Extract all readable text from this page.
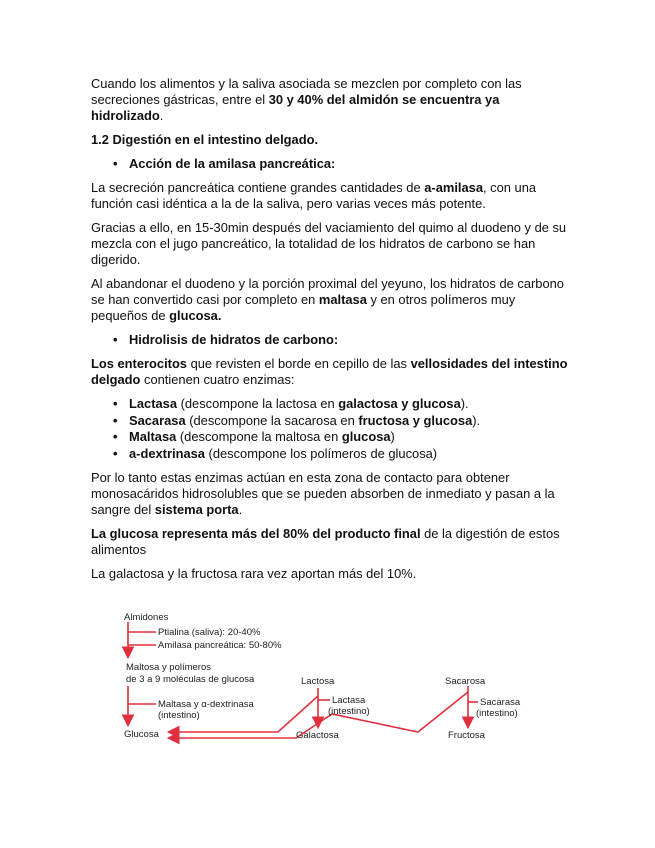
Cuando los alimentos y la saliva asociada se mezclen por completo con las secreciones gástricas, entre el 30 y 40% del almidón se encuentra ya hidrolizado.

1.2 Digestión en el intestino delgado.
• Acción de la amilasa pancreática:

La secreción pancreática contiene grandes cantidades de a-amilasa, con una función casi idéntica a la de la saliva, pero varias veces más potente.

Gracias a ello, en 15-30min después del vaciamiento del quimo al duodeno y de su mezcla con el jugo pancreático, la totalidad de los hidratos de carbono se han digerido.

Al abandonar el duodeno y la porción proximal del yeyuno, los hidratos de carbono se han convertido casi por completo en maltasa y en otros polímeros muy pequeños de glucosa.

• Hidrolisis de hidratos de carbono:

Los enterocitos que revisten el borde en cepillo de las vellosidades del intestino delgado contienen cuatro enzimas:

• Lactasa (descompone la lactosa en galactosa y glucosa).
• Sacarasa (descompone la sacarosa en fructosa y glucosa).
• Maltasa (descompone la maltosa en glucosa)
• a-dextrinasa (descompone los polímeros de glucosa)

Por lo tanto estas enzimas actúan en esta zona de contacto para obtener monosacáridos hidrosolubles que se pueden absorben de inmediato y pasan a la sangre del sistema porta.

La glucosa representa más del 80% del producto final de la digestión de estos alimentos

La galactosa y la fructosa rara vez aportan más del 10%.

Almidones
Ptialina (saliva): 20-40%
Amilasa pancreática: 50-80%
Maltosa y polímeros
de 3 a 9 moléculas de glucosa
Maltasa y α-dextrinasa
(intestino)
Glucosa
Lactosa
Lactasa
(intestino)
Galactosa
Sacarosa
Sacarasa
(intestino)
Fructosa
